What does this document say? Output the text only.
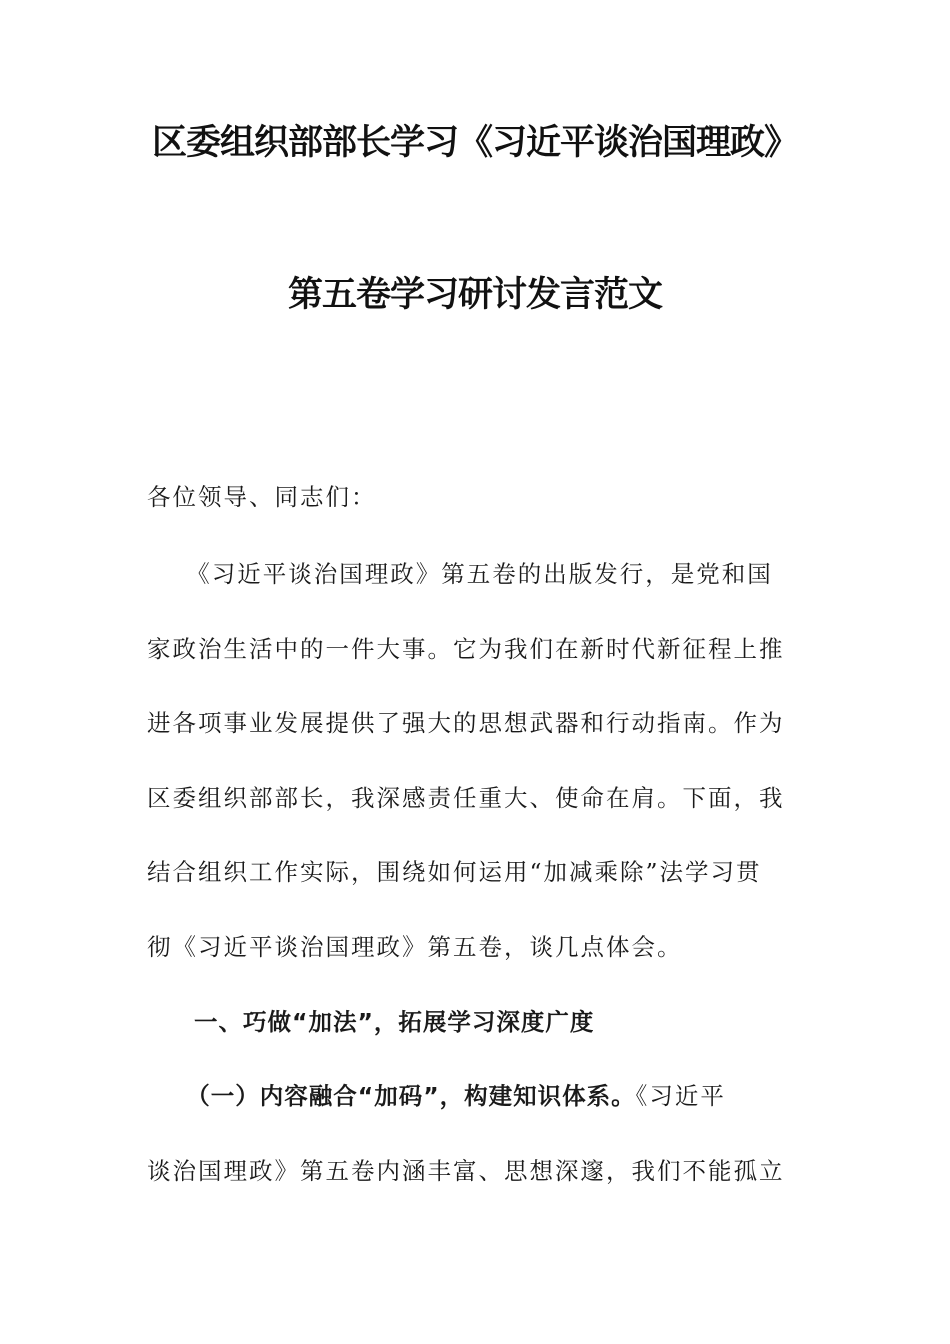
区委组织部部长学习《习近平谈治国理政》
第五卷学习研讨发言范文
各位领导、同志们：
　　《习近平谈治国理政》第五卷的出版发行，是党和国
家政治生活中的一件大事。它为我们在新时代新征程上推
进各项事业发展提供了强大的思想武器和行动指南。作为
区委组织部部长，我深感责任重大、使命在肩。下面，我
结合组织工作实际，围绕如何运用“加减乘除”法学习贯
彻《习近平谈治国理政》第五卷，谈几点体会。
一、巧做“加法”，拓展学习深度广度
　　（一）内容融合“加码”，构建知识体系。《习近平
谈治国理政》第五卷内涵丰富、思想深邃，我们不能孤立
